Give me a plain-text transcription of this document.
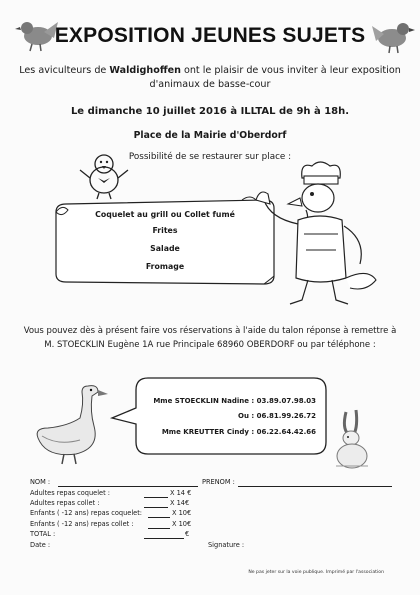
EXPOSITION JEUNES SUJETS
Les aviculteurs de Waldighoffen ont le plaisir de vous inviter à leur exposition
d'animaux de basse-cour
Le dimanche 10 juillet 2016 à ILLTAL de 9h à 18h.
Place de la Mairie d'Oberdorf
Possibilité de se restaurer sur place :
Coquelet au grill ou Collet fumé
Frites
Salade
Fromage
Vous pouvez dès à présent faire vos réservations à l'aide du talon réponse à remettre à
M. STOECKLIN Eugène 1A rue Principale 68960 OBERDORF ou par téléphone :
Mme STOECKLIN Nadine : 03.89.07.98.03
Ou : 06.81.99.26.72
Mme KREUTTER Cindy : 06.22.64.42.66
NOM :	PRENOM :
Adultes repas coquelet :	X 14 €
Adultes repas collet :	X 14€
Enfants ( -12 ans) repas coquelet:	X 10€
Enfants ( -12 ans) repas collet :	X 10€
TOTAL :	€
Date :	Signature :
Ne pas jeter sur la voie publique. Imprimé par l'association
